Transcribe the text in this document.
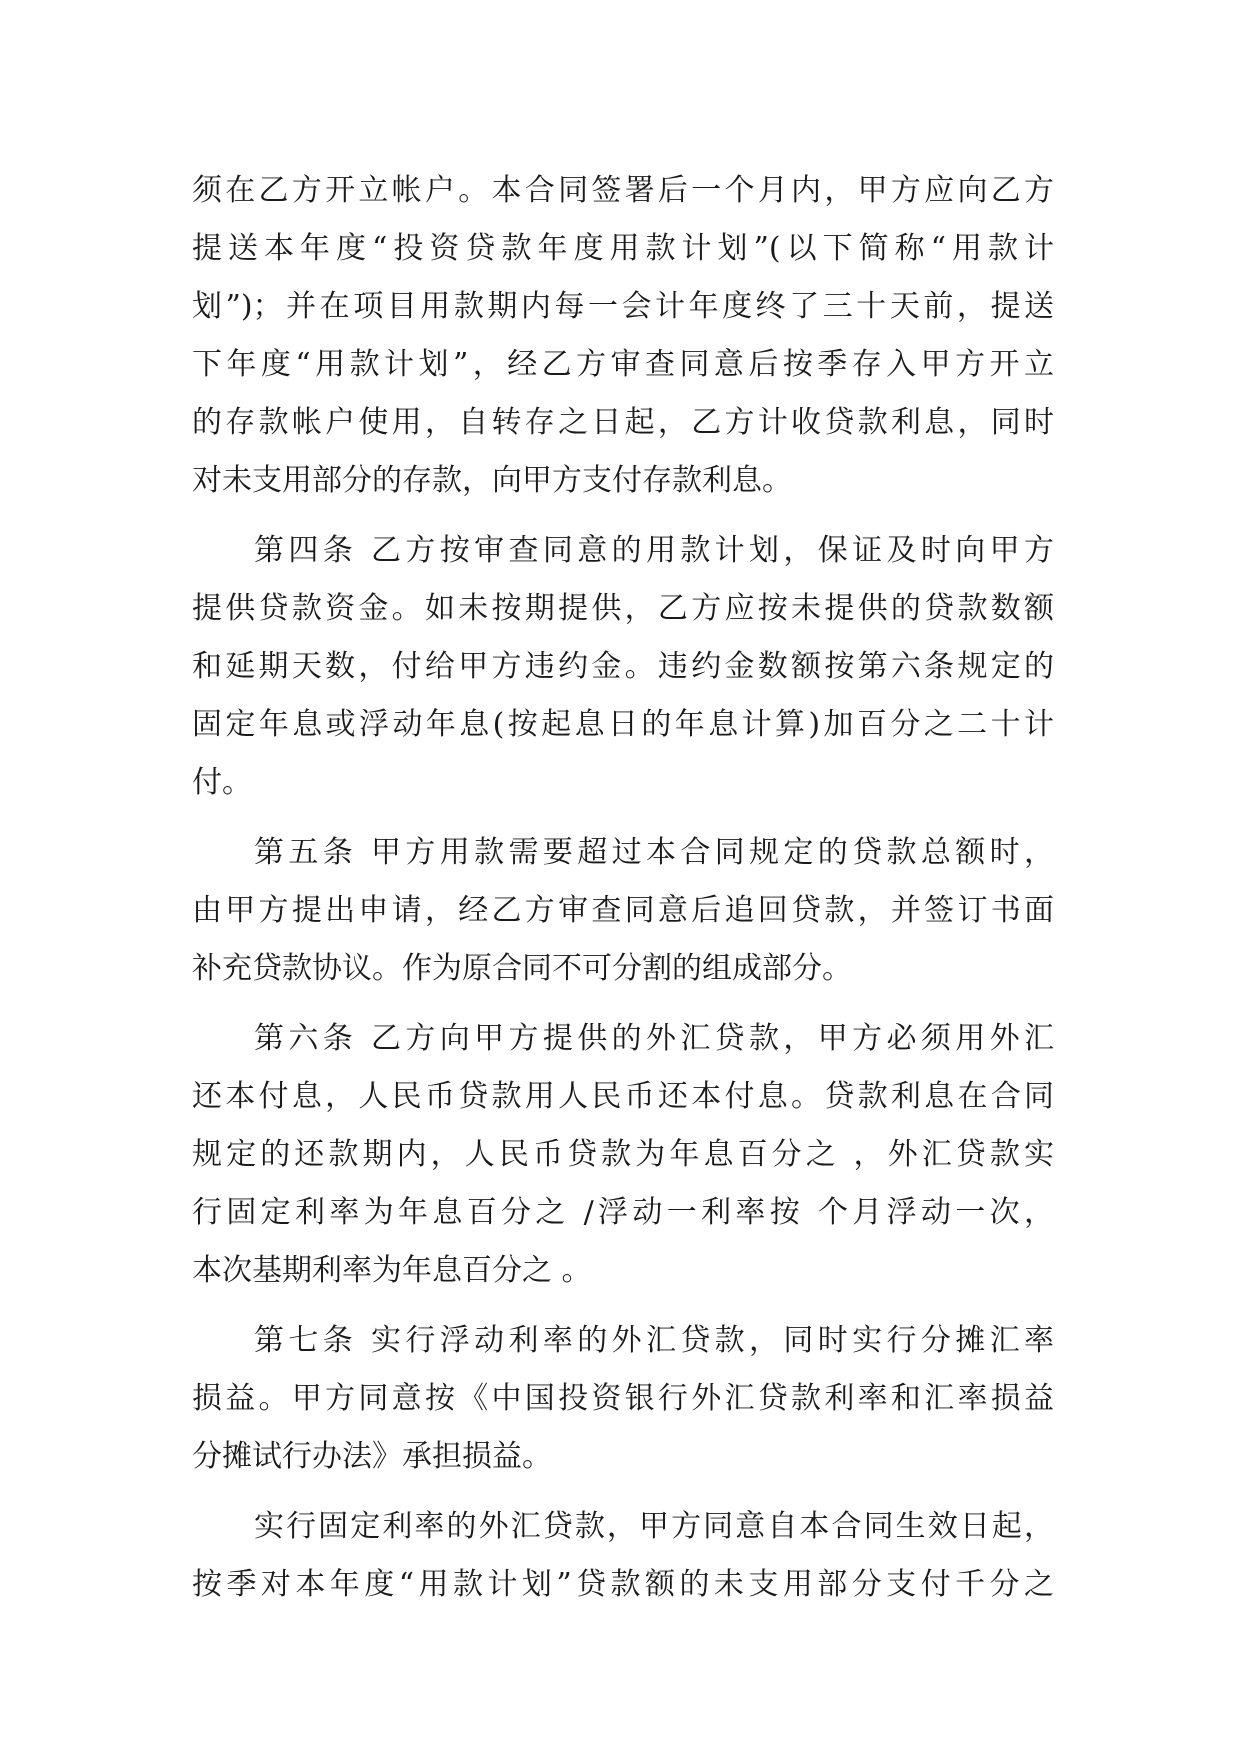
须在乙方开立帐户。本合同签署后一个月内，甲方应向乙方
提送本年度“投资贷款年度用款计划”(以下简称“用款计
划”)；并在项目用款期内每一会计年度终了三十天前，提送
下年度“用款计划”，经乙方审查同意后按季存入甲方开立
的存款帐户使用，自转存之日起，乙方计收贷款利息，同时
对未支用部分的存款，向甲方支付存款利息。
第四条 乙方按审查同意的用款计划，保证及时向甲方
提供贷款资金。如未按期提供，乙方应按未提供的贷款数额
和延期天数，付给甲方违约金。违约金数额按第六条规定的
固定年息或浮动年息(按起息日的年息计算)加百分之二十计
付。
第五条 甲方用款需要超过本合同规定的贷款总额时，
由甲方提出申请，经乙方审查同意后追回贷款，并签订书面
补充贷款协议。作为原合同不可分割的组成部分。
第六条 乙方向甲方提供的外汇贷款，甲方必须用外汇
还本付息，人民币贷款用人民币还本付息。贷款利息在合同
规定的还款期内，人民币贷款为年息百分之 ，外汇贷款实
行固定利率为年息百分之 /浮动一利率按 个月浮动一次，
本次基期利率为年息百分之 。
第七条 实行浮动利率的外汇贷款，同时实行分摊汇率
损益。甲方同意按《中国投资银行外汇贷款利率和汇率损益
分摊试行办法》承担损益。
实行固定利率的外汇贷款，甲方同意自本合同生效日起，
按季对本年度“用款计划”贷款额的未支用部分支付千分之
